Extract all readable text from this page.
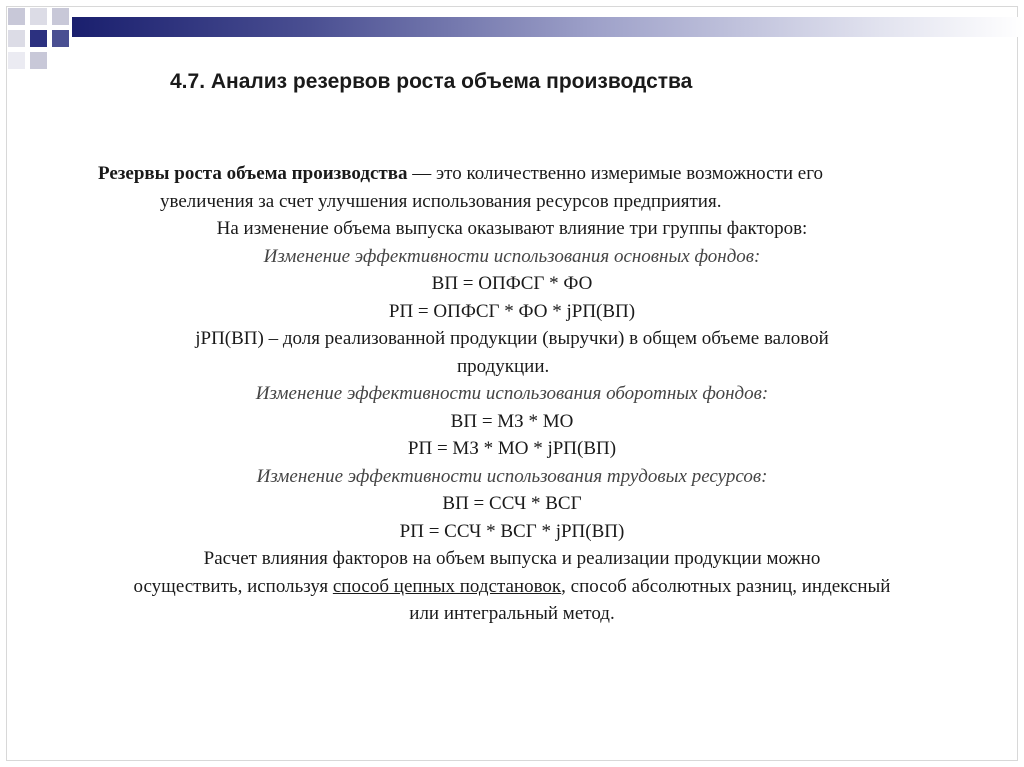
4.7. Анализ резервов роста объема производства
Резервы роста объема производства — это количественно измеримые возможности его
увеличения за счет улучшения использования ресурсов предприятия.
На изменение объема выпуска оказывают влияние три группы факторов:
Изменение эффективности использования основных фондов:
ВП = ОПФСГ * ФО
РП = ОПФСГ * ФО * jРП(ВП)
jРП(ВП) – доля реализованной продукции (выручки) в общем объеме валовой
продукции.
Изменение эффективности использования оборотных фондов:
ВП = МЗ * МО
РП = МЗ * МО * jРП(ВП)
Изменение эффективности использования трудовых ресурсов:
ВП = ССЧ * ВСГ
РП = ССЧ * ВСГ * jРП(ВП)
Расчет влияния факторов на объем выпуска и реализации продукции можно
осуществить, используя способ цепных подстановок, способ абсолютных разниц, индексный
или интегральный метод.
